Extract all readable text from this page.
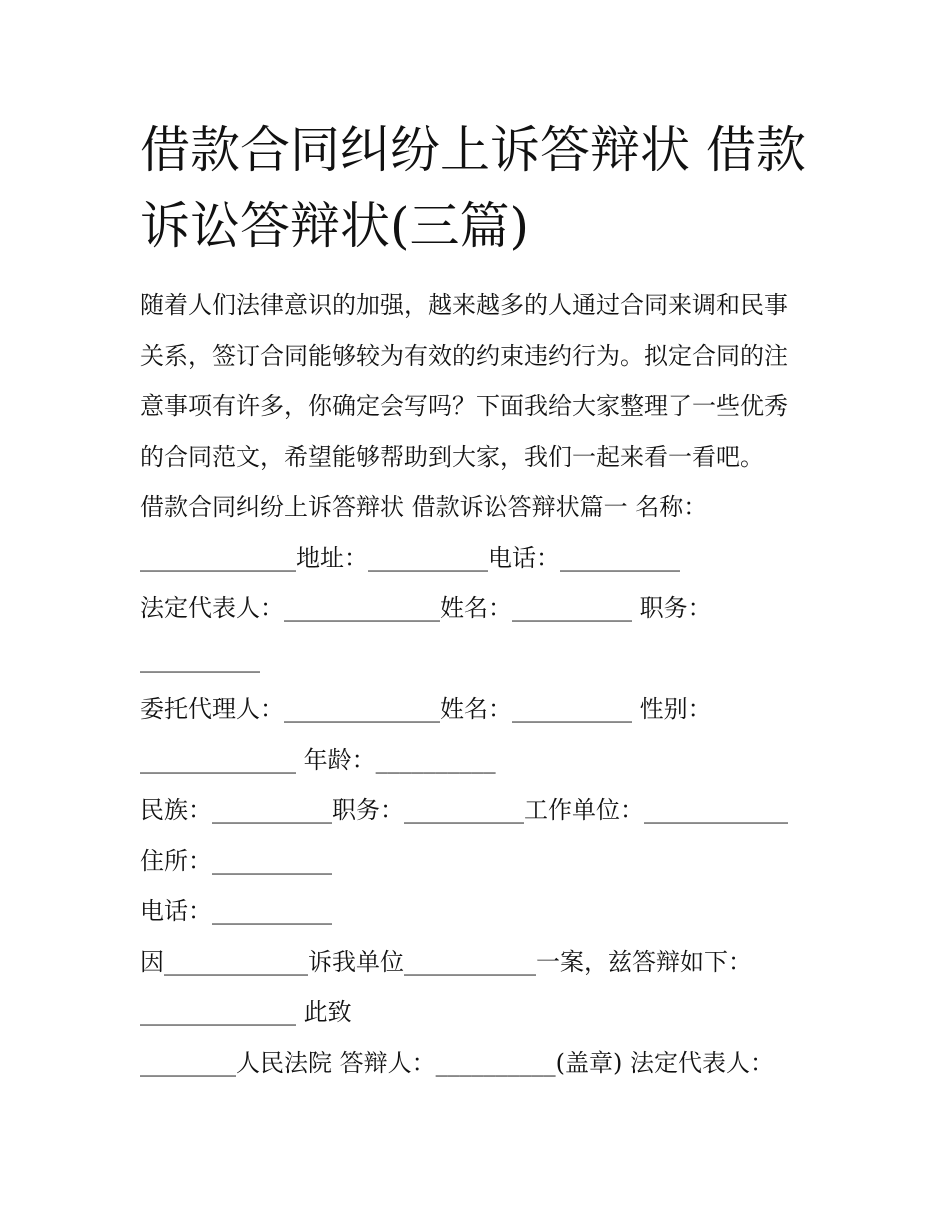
借款合同纠纷上诉答辩状 借款诉讼答辩状(三篇)
随着人们法律意识的加强，越来越多的人通过合同来调和民事
关系，签订合同能够较为有效的约束违约行为。拟定合同的注
意事项有许多，你确定会写吗？下面我给大家整理了一些优秀
的合同范文，希望能够帮助到大家，我们一起来看一看吧。
借款合同纠纷上诉答辩状 借款诉讼答辩状篇一 名称：
_____________地址：__________电话：__________
法定代表人：_____________姓名：__________ 职务：
__________
委托代理人：_____________姓名：__________ 性别：
_____________ 年龄：__________
民族：__________职务：__________工作单位：____________
住所：__________
电话：__________
因____________诉我单位___________一案，兹答辩如下：
_____________ 此致
________人民法院 答辩人：__________(盖章) 法定代表人：
